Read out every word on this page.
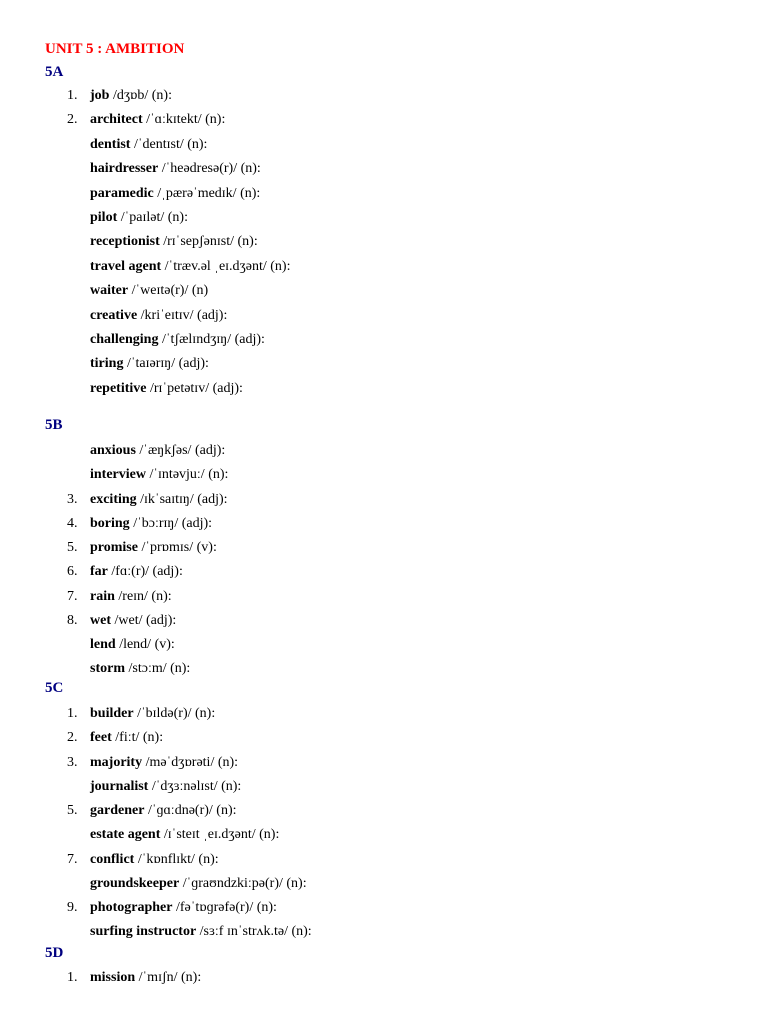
UNIT 5 : AMBITION
5A
1. job /dʒɒb/ (n):
2. architect /ˈɑːkɪtekt/ (n):
dentist /ˈdentɪst/ (n):
hairdresser /ˈheədresə(r)/ (n):
paramedic /ˌpærəˈmedɪk/ (n):
pilot /ˈpaɪlət/ (n):
receptionist /rɪˈsepʃənɪst/ (n):
travel agent /ˈtræv.əl ˌeɪ.dʒənt/ (n):
waiter /ˈweɪtə(r)/ (n)
creative /kriˈeɪtɪv/ (adj):
challenging /ˈtʃælɪndʒɪŋ/ (adj):
tiring /ˈtaɪərɪŋ/ (adj):
repetitive /rɪˈpetətɪv/ (adj):
5B
anxious /ˈæŋkʃəs/ (adj):
interview /ˈɪntəvjuː/ (n):
3. exciting /ɪkˈsaɪtɪŋ/ (adj):
4. boring /ˈbɔːrɪŋ/ (adj):
5. promise /ˈprɒmɪs/ (v):
6. far /fɑː(r)/ (adj):
7. rain /reɪn/ (n):
8. wet /wet/ (adj):
lend /lend/ (v):
storm /stɔːm/ (n):
5C
1. builder /ˈbɪldə(r)/ (n):
2. feet /fiːt/ (n):
3. majority /məˈdʒɒrəti/ (n):
journalist /ˈdʒɜːnəlɪst/ (n):
5. gardener /ˈɡɑːdnə(r)/ (n):
estate agent /ɪˈsteɪt ˌeɪ.dʒənt/ (n):
7. conflict /ˈkɒnflɪkt/ (n):
groundskeeper /ˈɡraʊndzkiːpə(r)/ (n):
9. photographer /fəˈtɒɡrəfə(r)/ (n):
surfing instructor /sɜːf ɪnˈstrʌk.tə/ (n):
5D
1. mission /ˈmɪʃn/ (n):
